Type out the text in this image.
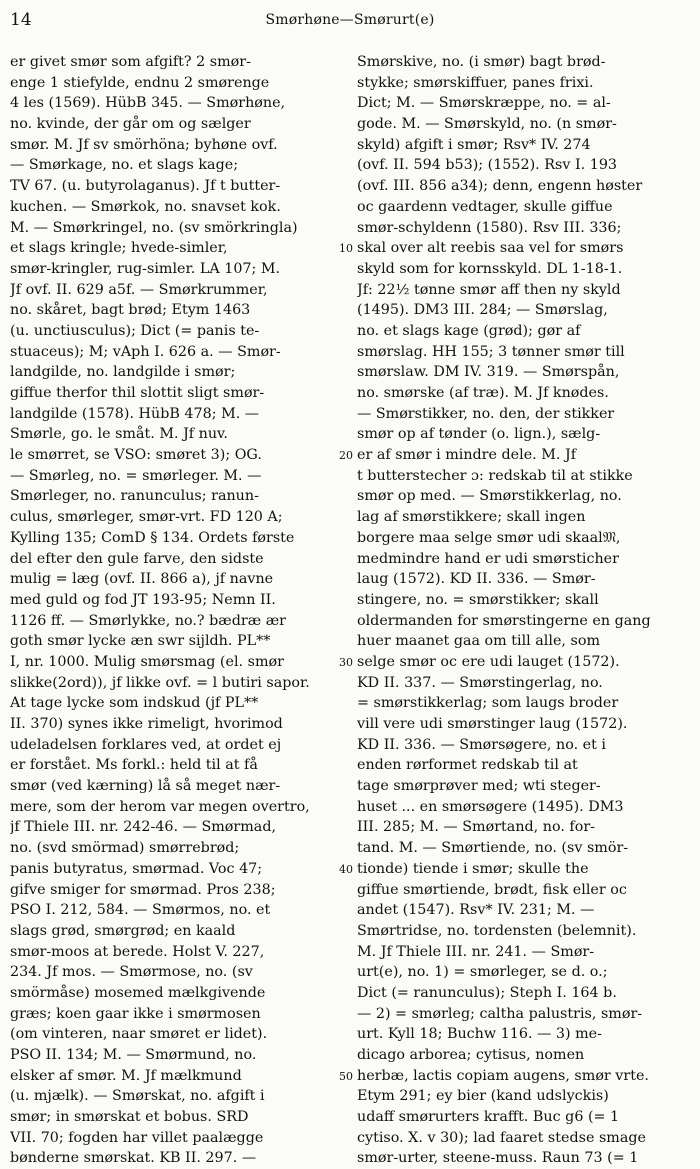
14	Smørhøne—Smørurt(e)
er givet smør som afgift? 2 smør-
enge 1 stiefylde, endnu 2 smørenge
4 les (1569). HübB 345. — Smørhøne,
no. kvinde, der går om og sælger
smør. M. Jf sv smörhöna; byhøne ovf.
— Smørkage, no. et slags kage;
TV 67. (u. butyrolaganus). Jf t butter-
kuchen. — Smørkok, no. snavset kok.
M. — Smørkringel, no. (sv smörkringla)
et slags kringle; hvede-simler,
smør-kringler, rug-simler. LA 107; M.
Jf ovf. II. 629 a5f. — Smørkrummer,
no. skåret, bagt brød; Etym 1463
(u. unctiusculus); Dict (= panis te-
stuaceus); M; vAph I. 626 a. — Smør-
landgilde, no. landgilde i smør;
giffue therfor thil slottit sligt smør-
landgilde (1578). HübB 478; M. —
Smørle, go. le småt. M. Jf nuv.
le smørret, se VSO: smøret 3); OG.
— Smørleg, no. = smørleger. M. —
Smørleger, no. ranunculus; ranun-
culus, smørleger, smør-vrt. FD 120 A;
Kylling 135; ComD § 134. Ordets første
del efter den gule farve, den sidste
mulig = læg (ovf. II. 866 a), jf navne
med guld og fod JT 193-95; Nemn II.
1126 ff. — Smørlykke, no.? bædræ ær
goth smør lycke æn swr sijldh. PL**
I, nr. 1000. Mulig smørsmag (el. smør
slikke(2ord)), jf likke ovf. = l butiri sapor.
At tage lycke som indskud (jf PL**
II. 370) synes ikke rimeligt, hvorimod
udeladelsen forklares ved, at ordet ej
er forstået. Ms forkl.: held til at få
smør (ved kærning) lå så meget nær-
mere, som der herom var megen overtro,
jf Thiele III. nr. 242-46. — Smørmad,
no. (svd smörmad) smørrebrød;
panis butyratus, smørmad. Voc 47;
gifve smiger for smørmad. Pros 238;
PSO I. 212, 584. — Smørmos, no. et
slags grød, smørgrød; en kaald
smør-moos at berede. Holst V. 227,
234. Jf mos. — Smørmose, no. (sv
smörmåse) mosemed mælkgivende
græs; koen gaar ikke i smørmosen
(om vinteren, naar smøret er lidet).
PSO II. 134; M. — Smørmund, no.
elsker af smør. M. Jf mælkmund
(u. mjælk). — Smørskat, no. afgift i
smør; in smørskat et bobus. SRD
VII. 70; fogden har villet paalægge
bønderne smørskat. KB II. 297. —
10
20
30
40
50
Smørskive, no. (i smør) bagt brød-
stykke; smørskiffuer, panes frixi.
Dict; M. — Smørskræppe, no. = al-
gode. M. — Smørskyld, no. (n smør-
skyld) afgift i smør; Rsv* IV. 274
(ovf. II. 594 b53); (1552). Rsv I. 193
(ovf. III. 856 a34); denn, engenn høster
oc gaardenn vedtager, skulle giffue
smør-schyldenn (1580). Rsv III. 336;
skal over alt reebis saa vel for smørs
skyld som for kornsskyld. DL 1-18-1.
Jf: 22½ tønne smør aff then ny skyld
(1495). DM3 III. 284; — Smørslag,
no. et slags kage (grød); gør af
smørslag. HH 155; 3 tønner smør till
smørslaw. DM IV. 319. — Smørspån,
no. smørske (af træ). M. Jf knødes.
— Smørstikker, no. den, der stikker
smør op af tønder (o. lign.), sælg-
er af smør i mindre dele. M. Jf
t butterstecher ɔ: redskab til at stikke
smør op med. — Smørstikkerlag, no.
lag af smørstikkere; skall ingen
borgere maa selge smør udi skaal𝔐,
medmindre hand er udi smørsticher
laug (1572). KD II. 336. — Smør-
stingere, no. = smørstikker; skall
oldermanden for smørstingerne en gang
huer maanet gaa om till alle, som
selge smør oc ere udi lauget (1572).
KD II. 337. — Smørstingerlag, no.
= smørstikkerlag; som laugs broder
vill vere udi smørstinger laug (1572).
KD II. 336. — Smørsøgere, no. et i
enden rørformet redskab til at
tage smørprøver med; wti steger-
huset ... en smørsøgere (1495). DM3
III. 285; M. — Smørtand, no. for-
tand. M. — Smørtiende, no. (sv smör-
tionde) tiende i smør; skulle the
giffue smørtiende, brødt, fisk eller oc
andet (1547). Rsv* IV. 231; M. —
Smørtridse, no. tordensten (belemnit).
M. Jf Thiele III. nr. 241. — Smør-
urt(e), no. 1) = smørleger, se d. o.;
Dict (= ranunculus); Steph I. 164 b.
— 2) = smørleg; caltha palustris, smør-
urt. Kyll 18; Buchw 116. — 3) me-
dicago arborea; cytisus, nomen
herbæ, lactis copiam augens, smør vrte.
Etym 291; ey bier (kand udslyckis)
udaff smørurters krafft. Buc g6 (= 1
cytiso. X. v 30); lad faaret stedse smage
smør-urter, steene-muss. Raun 73 (= 1
